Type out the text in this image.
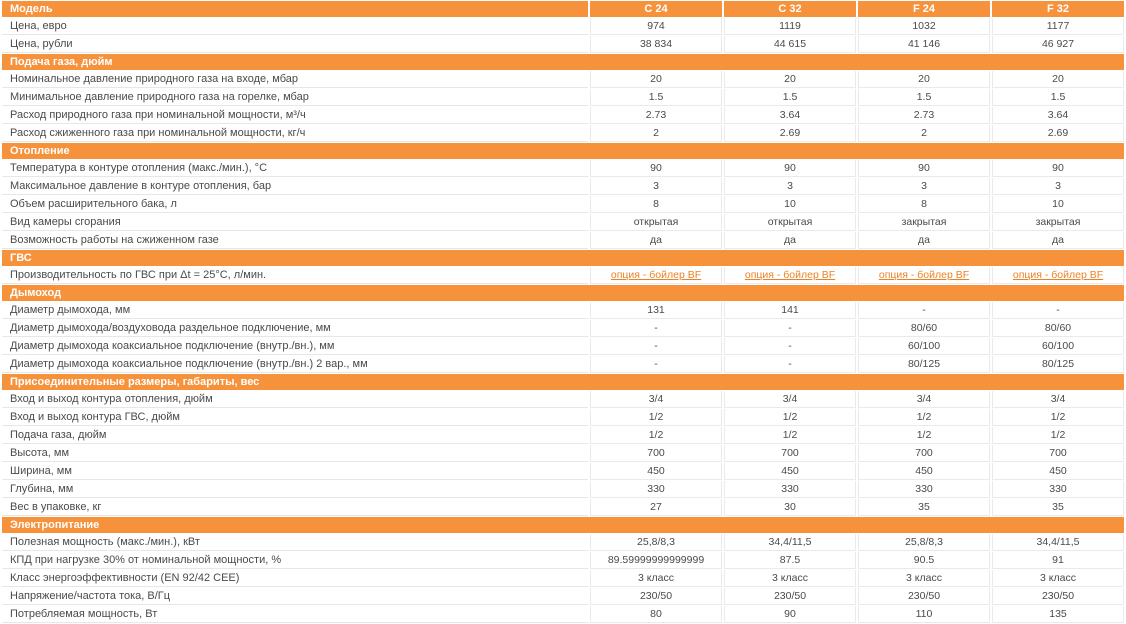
Модель	C 24	C 32	F 24	F 32
Цена, евро	974	1119	1032	1177
Цена, рубли	38 834	44 615	41 146	46 927
Подача газа, дюйм				
Номинальное давление природного газа на входе, мбар	20	20	20	20
Минимальное давление природного газа на горелке, мбар	1.5	1.5	1.5	1.5
Расход природного газа при номинальной мощности, м³/ч	2.73	3.64	2.73	3.64
Расход сжиженного газа при номинальной мощности, кг/ч	2	2.69	2	2.69
Отопление				
Температура в контуре отопления (макс./мин.), °С	90	90	90	90
Максимальное давление в контуре отопления, бар	3	3	3	3
Объем расширительного бака, л	8	10	8	10
Вид камеры сгорания	открытая	открытая	закрытая	закрытая
Возможность работы на сжиженном газе	да	да	да	да
ГВС				
Производительность по ГВС при Δt = 25°С, л/мин.	опция - бойлер BF	опция - бойлер BF	опция - бойлер BF	опция - бойлер BF
Дымоход				
Диаметр дымохода, мм	131	141	-	-
Диаметр дымохода/воздуховода раздельное подключение, мм	-	-	80/60	80/60
Диаметр дымохода коаксиальное подключение (внутр./вн.), мм	-	-	60/100	60/100
Диаметр дымохода коаксиальное подключение (внутр./вн.) 2 вар., мм	-	-	80/125	80/125
Присоединительные размеры, габариты, вес				
Вход и выход контура отопления, дюйм	3/4	3/4	3/4	3/4
Вход и выход контура ГВС, дюйм	1/2	1/2	1/2	1/2
Подача газа, дюйм	1/2	1/2	1/2	1/2
Высота, мм	700	700	700	700
Ширина, мм	450	450	450	450
Глубина, мм	330	330	330	330
Вес в упаковке, кг	27	30	35	35
Электропитание				
Полезная мощность (макс./мин.), кВт	25,8/8,3	34,4/11,5	25,8/8,3	34,4/11,5
КПД при нагрузке 30% от номинальной мощности, %	89.59999999999999	87.5	90.5	91
Класс энергоэффективности (EN 92/42 CEE)	3 класс	3 класс	3 класс	3 класс
Напряжение/частота тока, В/Гц	230/50	230/50	230/50	230/50
Потребляемая мощность, Вт	80	90	110	135
